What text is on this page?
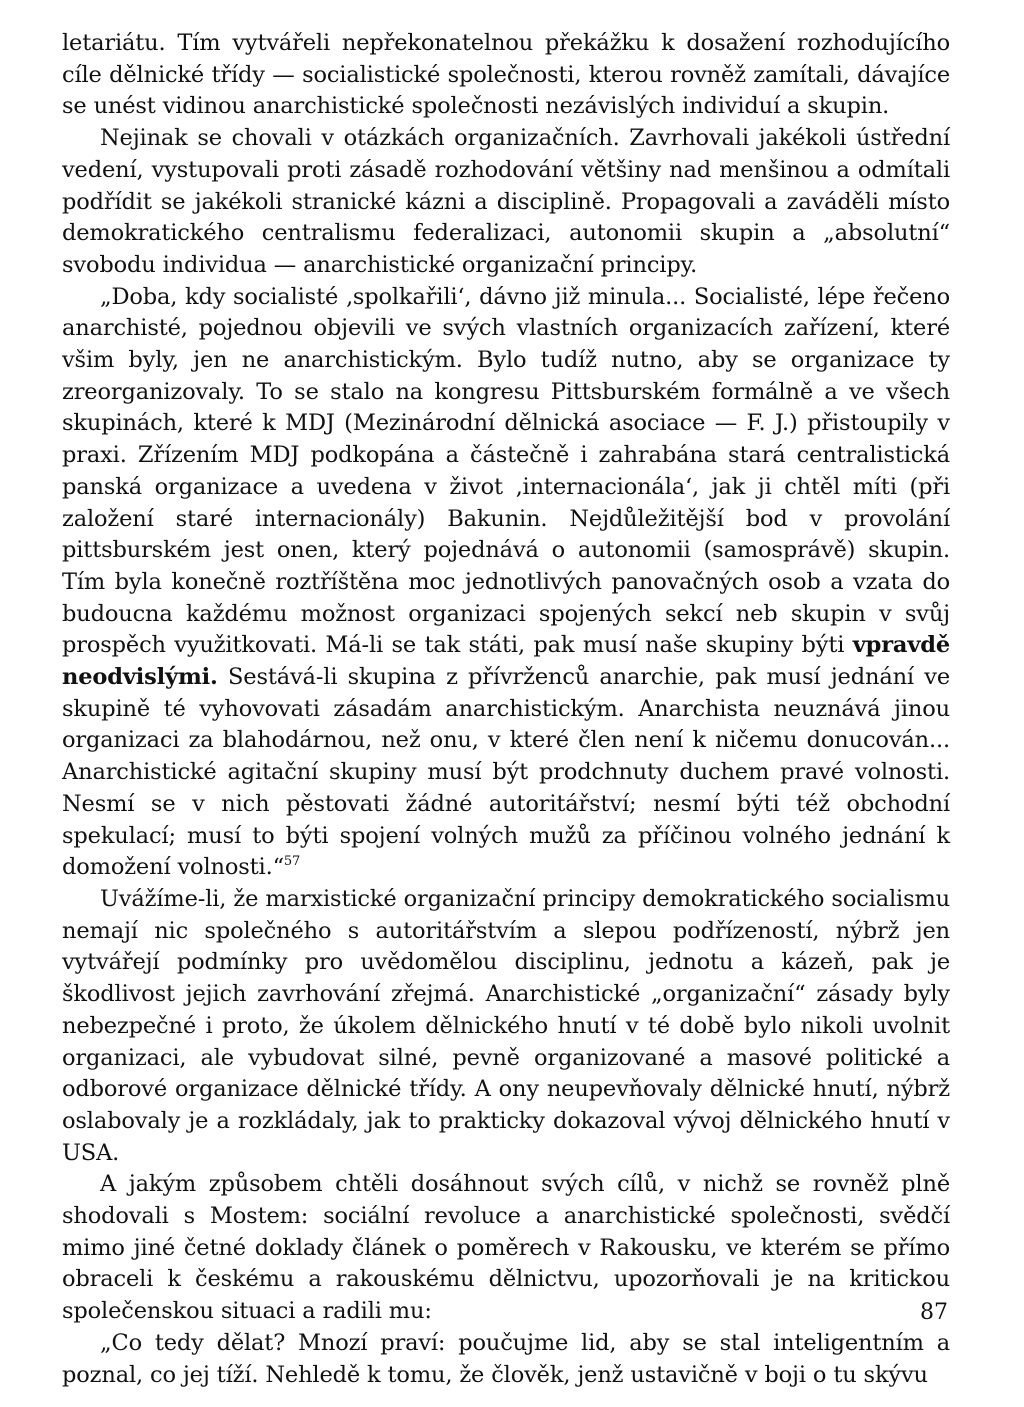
letariátu. Tím vytvářeli nepřekonatelnou překážku k dosažení rozhodujícího cíle dělnické třídy — socialistické společnosti, kterou rovněž zamítali, dávajíce se unést vidinou anarchistické společnosti nezávislých individuí a skupin.

Nejinak se chovali v otázkách organizačních. Zavrhovali jakékoli ústřední vedení, vystupovali proti zásadě rozhodování většiny nad menšinou a odmítali podřídit se jakékoli stranické kázni a disciplině. Propagovali a zaváděli místo demokratického centralismu federalizaci, autonomii skupin a „absolutní“ svobodu individua — anarchistické organizační principy.

„Doba, kdy socialisté ‚spolkařili‘, dávno již minula... Socialisté, lépe řečeno anarchisté, pojednou objevili ve svých vlastních organizacích zařízení, které všim byly, jen ne anarchistickým. Bylo tudíž nutno, aby se organizace ty zreorganizovaly. To se stalo na kongresu Pittsburském formálně a ve všech skupinách, které k MDJ (Mezinárodní dělnická asociace — F. J.) přistoupily v praxi. Zřízením MDJ podkopána a částečně i zahrabána stará centralistická panská organizace a uvedena v život ‚internacionála‘, jak ji chtěl míti (při založení staré internacionály) Bakunin. Nejdůležitější bod v provolání pittsburském jest onen, který pojednává o autonomii (samosprávě) skupin. Tím byla konečně roztříštěna moc jednotlivých panovačných osob a vzata do budoucna každému možnost organizaci spojených sekcí neb skupin v svůj prospěch využitkovati. Má-li se tak státi, pak musí naše skupiny býti vpravdě neodvislými. Sestává-li skupina z přívrženců anarchie, pak musí jednání ve skupině té vyhovovati zásadám anarchistickým. Anarchista neuznává jinou organizaci za blahodárnou, než onu, v které člen není k ničemu donucován... Anarchistické agitační skupiny musí být prodchnuty duchem pravé volnosti. Nesmí se v nich pěstovati žádné autoritářství; nesmí býti též obchodní spekulací; musí to býti spojení volných mužů za příčinou volného jednání k domožení volnosti.“$^{57}$

Uvážíme-li, že marxistické organizační principy demokratického socialismu nemají nic společného s autoritářstvím a slepou podřízeností, nýbrž jen vytvářejí podmínky pro uvědomělou disciplinu, jednotu a kázeň, pak je škodlivost jejich zavrhování zřejmá. Anarchistické „organizační“ zásady byly nebezpečné i proto, že úkolem dělnického hnutí v té době bylo nikoli uvolnit organizaci, ale vybudovat silné, pevně organizované a masové politické a odborové organizace dělnické třídy. A ony neupevňovaly dělnické hnutí, nýbrž oslabovaly je a rozkládaly, jak to prakticky dokazoval vývoj dělnického hnutí v USA.

A jakým způsobem chtěli dosáhnout svých cílů, v nichž se rovněž plně shodovali s Mostem: sociální revoluce a anarchistické společnosti, svědčí mimo jiné četné doklady článek o poměrech v Rakousku, ve kterém se přímo obraceli k českému a rakouskému dělnictvu, upozorňovali je na kritickou společenskou situaci a radili mu:

„Co tedy dělat? Mnozí praví: poučujme lid, aby se stal inteligentním a poznal, co jej tíží. Nehledě k tomu, že člověk, jenž ustavičně v boji o tu skývu

87
